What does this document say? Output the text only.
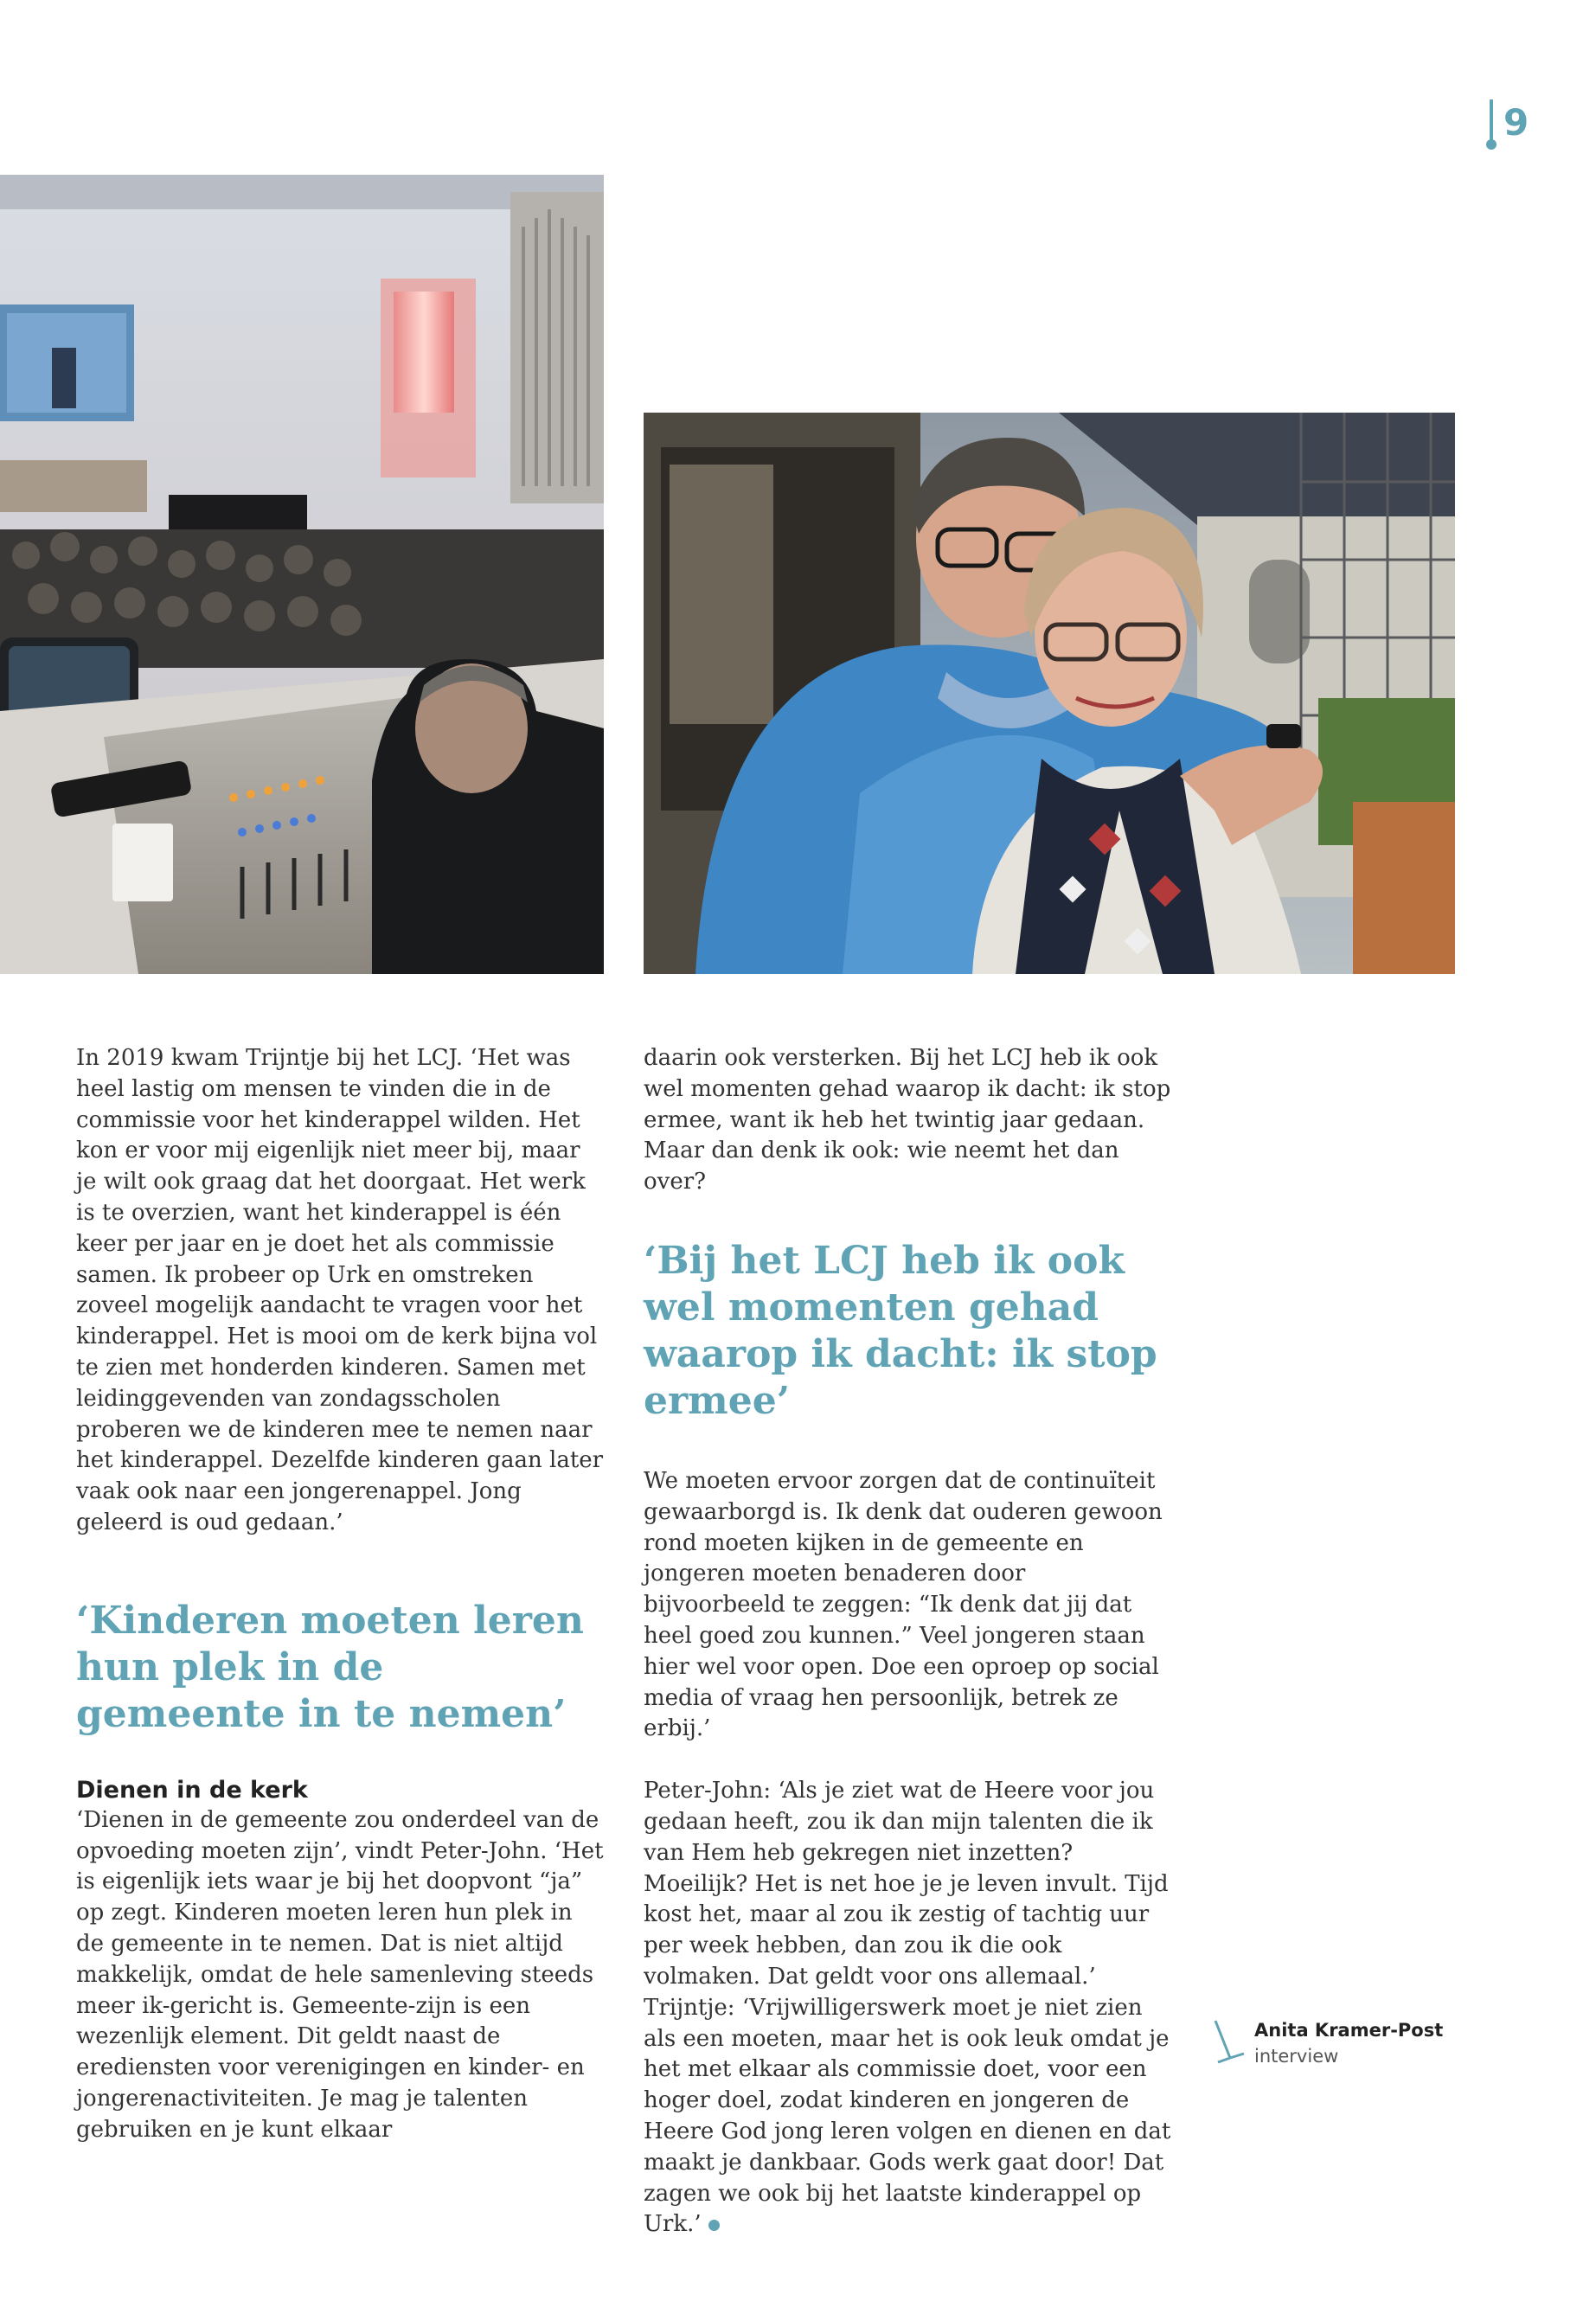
9

In 2019 kwam Trijntje bij het LCJ. ‘Het was heel lastig om mensen te vinden die in de commissie voor het kinderappel wilden. Het kon er voor mij eigenlijk niet meer bij, maar je wilt ook graag dat het doorgaat. Het werk is te overzien, want het kinderappel is één keer per jaar en je doet het als commissie samen. Ik probeer op Urk en omstreken zoveel mogelijk aandacht te vragen voor het kinderappel. Het is mooi om de kerk bijna vol te zien met honderden kinderen. Samen met leidinggevenden van zondagsscholen proberen we de kinderen mee te nemen naar het kinderappel. Dezelfde kinderen gaan later vaak ook naar een jongerenappel. Jong geleerd is oud gedaan.’

‘Kinderen moeten leren hun plek in de gemeente in te nemen’
Dienen in de kerk

‘Dienen in de gemeente zou onderdeel van de opvoeding moeten zijn’, vindt Peter-John. ‘Het is eigenlijk iets waar je bij het doopvont “ja” op zegt. Kinderen moeten leren hun plek in de gemeente in te nemen. Dat is niet altijd makkelijk, omdat de hele samenleving steeds meer ik-gericht is. Gemeente-zijn is een wezenlijk element. Dit geldt naast de erediensten voor verenigingen en kinder- en jongerenactiviteiten. Je mag je talenten gebruiken en je kunt elkaar

daarin ook versterken. Bij het LCJ heb ik ook wel momenten gehad waarop ik dacht: ik stop ermee, want ik heb het twintig jaar gedaan. Maar dan denk ik ook: wie neemt het dan over?

‘Bij het LCJ heb ik ook wel momenten gehad waarop ik dacht: ik stop ermee’

We moeten ervoor zorgen dat de continuïteit gewaarborgd is. Ik denk dat ouderen gewoon rond moeten kijken in de gemeente en jongeren moeten benaderen door bijvoorbeeld te zeggen: “Ik denk dat jij dat heel goed zou kunnen.” Veel jongeren staan hier wel voor open. Doe een oproep op social media of vraag hen persoonlijk, betrek ze erbij.’

Peter-John: ‘Als je ziet wat de Heere voor jou gedaan heeft, zou ik dan mijn talenten die ik van Hem heb gekregen niet inzetten? Moeilijk? Het is net hoe je je leven invult. Tijd kost het, maar al zou ik zestig of tachtig uur per week hebben, dan zou ik die ook volmaken. Dat geldt voor ons allemaal.’

Trijntje: ‘Vrijwilligerswerk moet je niet zien als een moeten, maar het is ook leuk omdat je het met elkaar als commissie doet, voor een hoger doel, zodat kinderen en jongeren de Heere God jong leren volgen en dienen en dat maakt je dankbaar. Gods werk gaat door! Dat zagen we ook bij het laatste kinderappel op Urk.’

Anita Kramer-Post
interview
